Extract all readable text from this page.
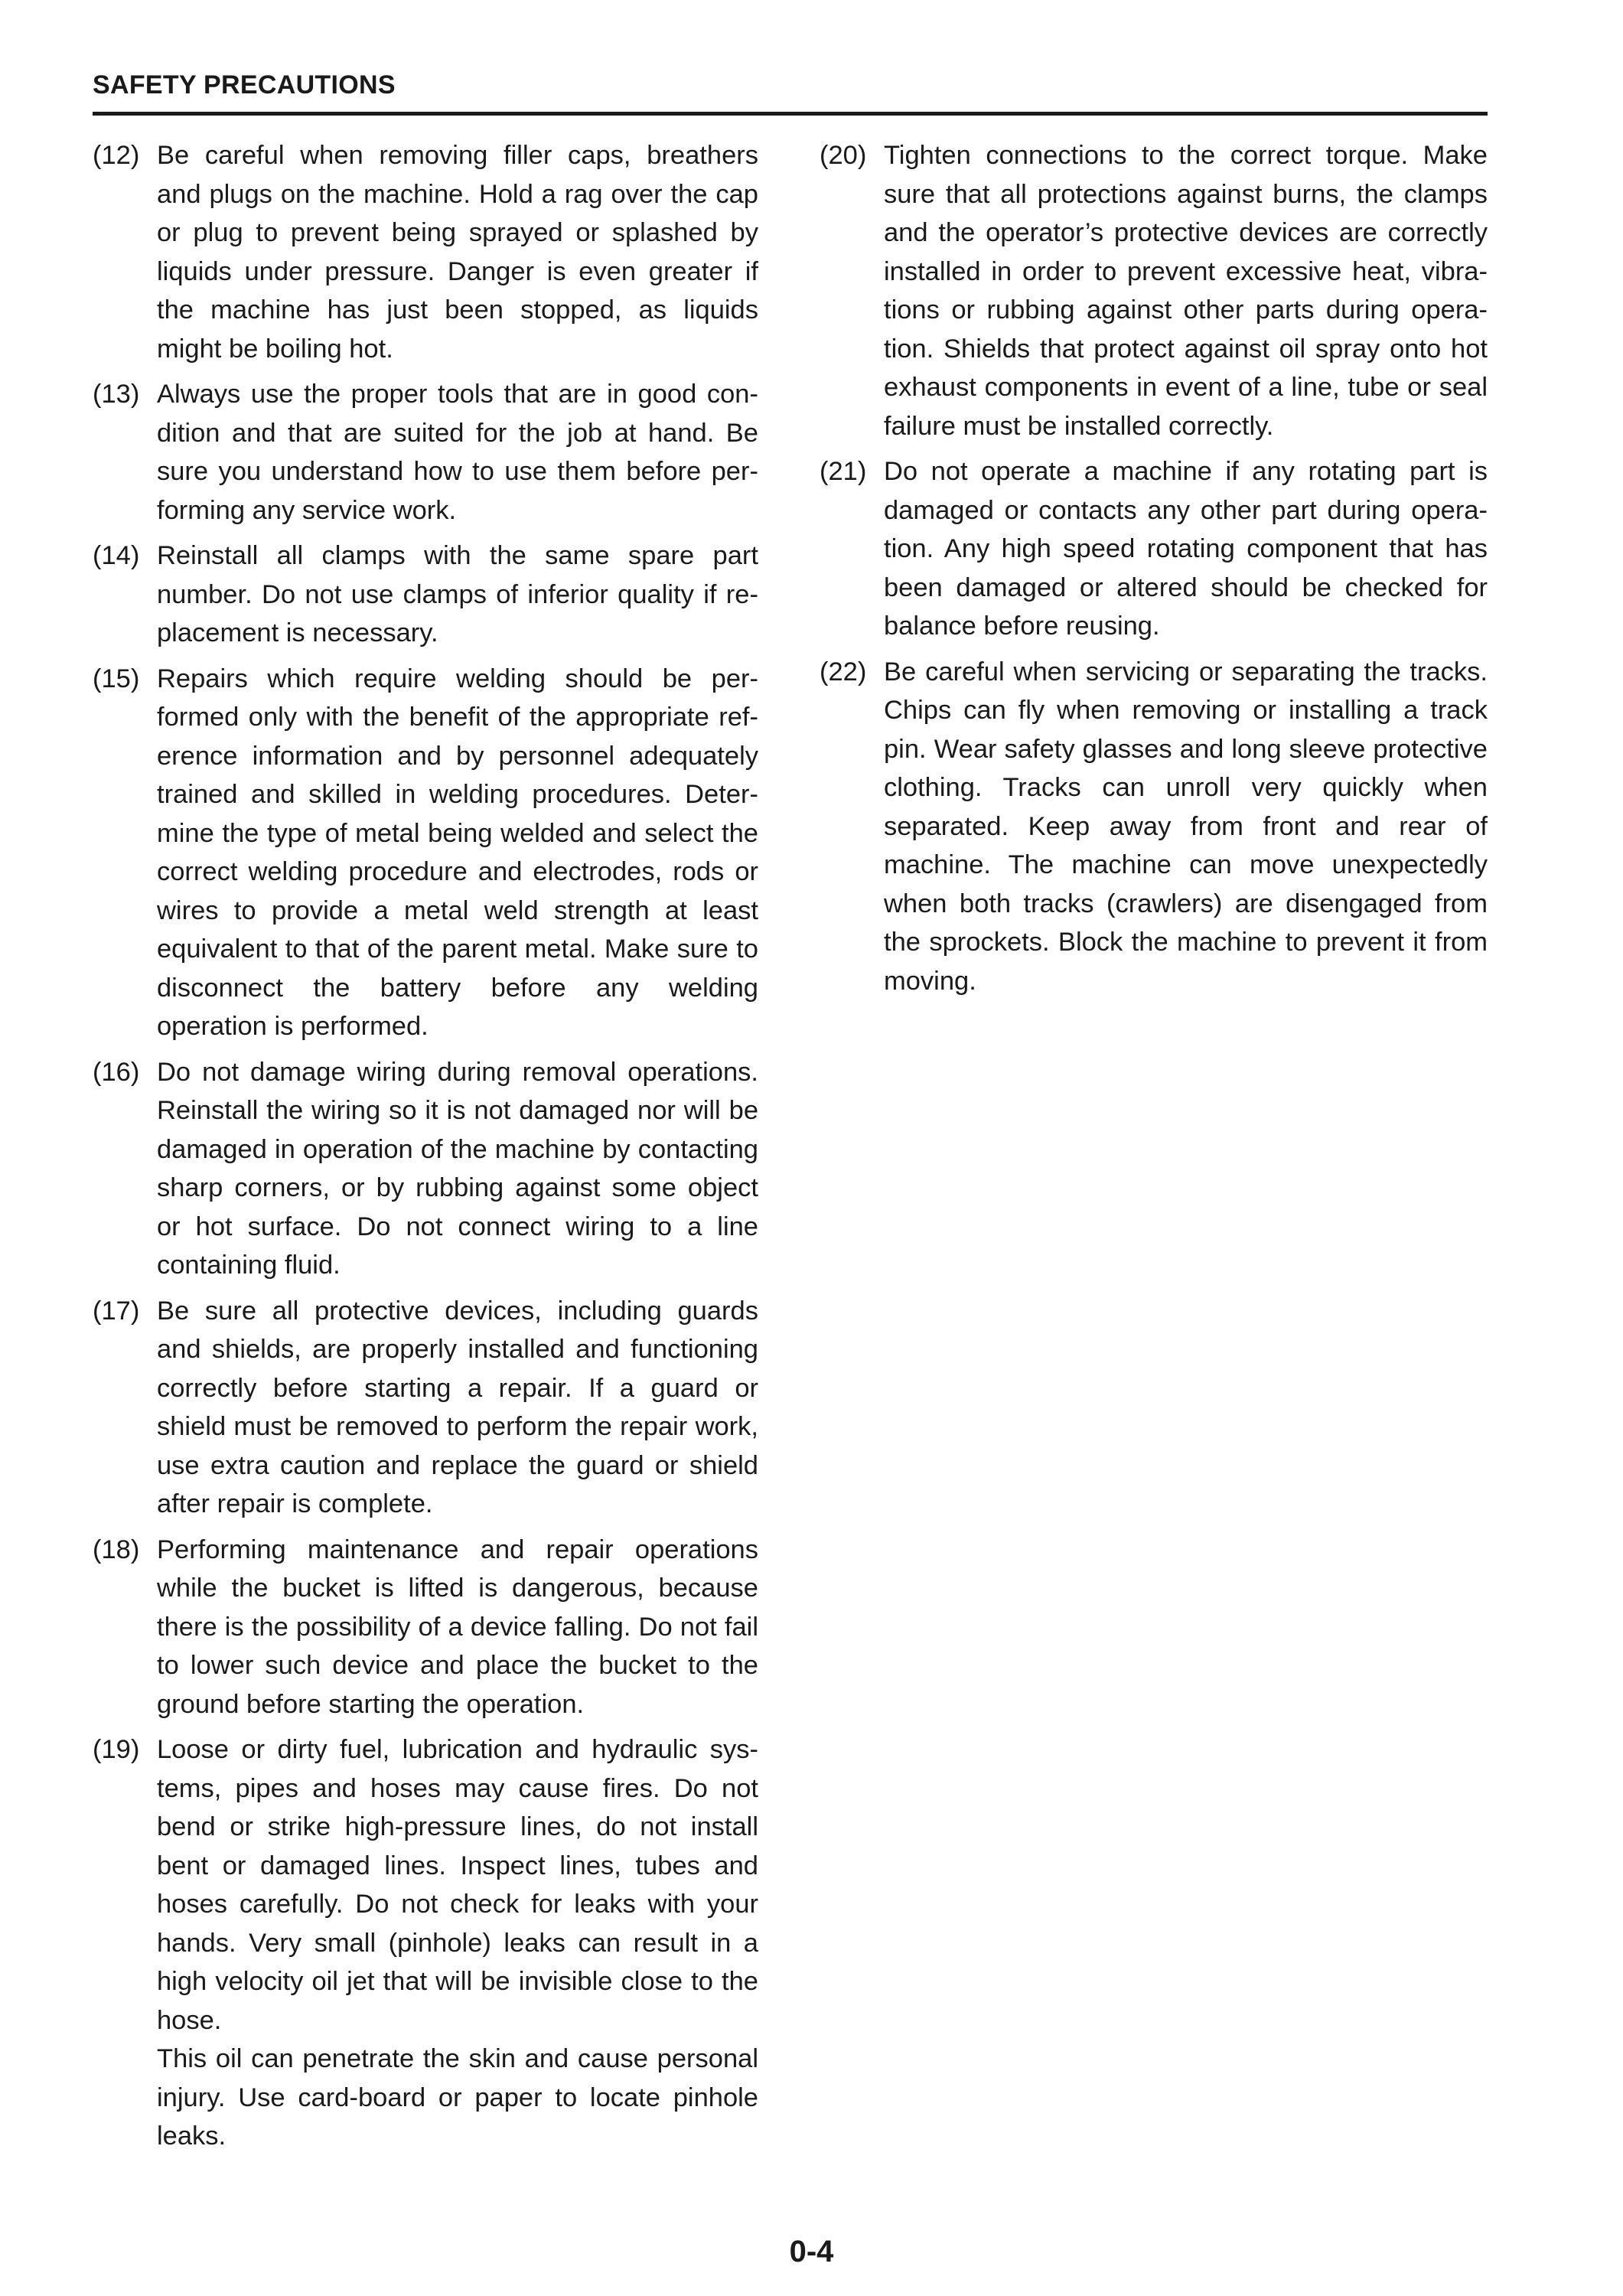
SAFETY PRECAUTIONS
(12) Be careful when removing filler caps, breathers and plugs on the machine. Hold a rag over the cap or plug to prevent being sprayed or splashed by liquids under pressure. Danger is even greater if the machine has just been stopped, as liquids might be boiling hot.

(13) Always use the proper tools that are in good condition and that are suited for the job at hand. Be sure you understand how to use them before performing any service work.

(14) Reinstall all clamps with the same spare part number. Do not use clamps of inferior quality if replacement is necessary.

(15) Repairs which require welding should be performed only with the benefit of the appropriate reference information and by personnel adequately trained and skilled in welding procedures. Determine the type of metal being welded and select the correct welding procedure and electrodes, rods or wires to provide a metal weld strength at least equivalent to that of the parent metal. Make sure to disconnect the battery before any welding operation is performed.

(16) Do not damage wiring during removal operations. Reinstall the wiring so it is not damaged nor will be damaged in operation of the machine by contacting sharp corners, or by rubbing against some object or hot surface. Do not connect wiring to a line containing fluid.

(17) Be sure all protective devices, including guards and shields, are properly installed and functioning correctly before starting a repair. If a guard or shield must be removed to perform the repair work, use extra caution and replace the guard or shield after repair is complete.

(18) Performing maintenance and repair operations while the bucket is lifted is dangerous, because there is the possibility of a device falling. Do not fail to lower such device and place the bucket to the ground before starting the operation.

(19) Loose or dirty fuel, lubrication and hydraulic systems, pipes and hoses may cause fires. Do not bend or strike high-pressure lines, do not install bent or damaged lines. Inspect lines, tubes and hoses carefully. Do not check for leaks with your hands. Very small (pinhole) leaks can result in a high velocity oil jet that will be invisible close to the hose.

This oil can penetrate the skin and cause personal injury. Use card-board or paper to locate pinhole leaks.

(20) Tighten connections to the correct torque. Make sure that all protections against burns, the clamps and the operator’s protective devices are correctly installed in order to prevent excessive heat, vibrations or rubbing against other parts during operation. Shields that protect against oil spray onto hot exhaust components in event of a line, tube or seal failure must be installed correctly.

(21) Do not operate a machine if any rotating part is damaged or contacts any other part during operation. Any high speed rotating component that has been damaged or altered should be checked for balance before reusing.

(22) Be careful when servicing or separating the tracks. Chips can fly when removing or installing a track pin. Wear safety glasses and long sleeve protective clothing. Tracks can unroll very quickly when separated. Keep away from front and rear of machine. The machine can move unexpectedly when both tracks (crawlers) are disengaged from the sprockets. Block the machine to prevent it from moving.

0-4
